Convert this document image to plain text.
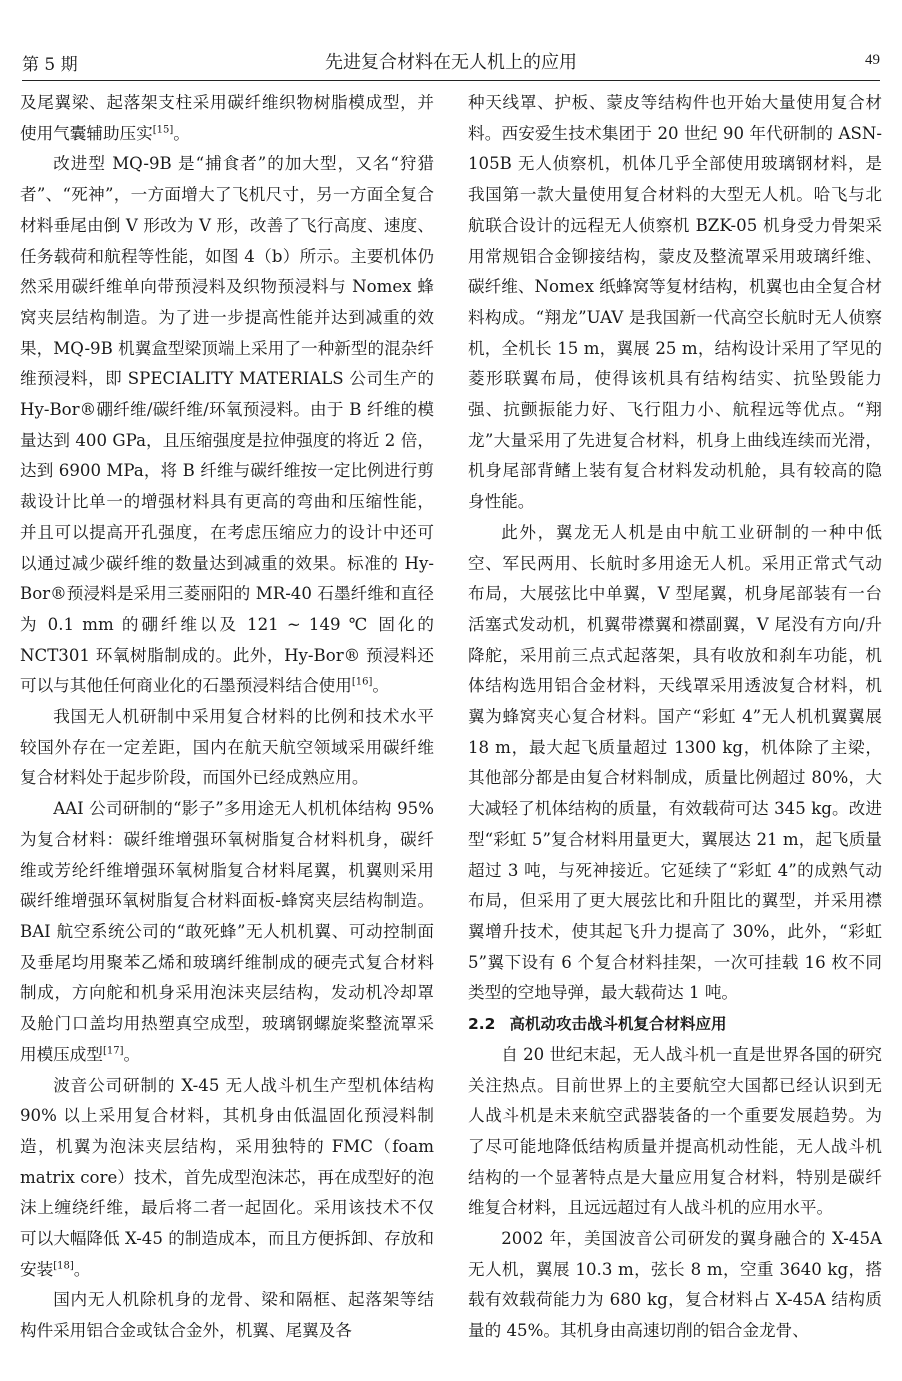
第 5 期	先进复合材料在无人机上的应用	49

及尾翼梁、起落架支柱采用碳纤维织物树脂模成型，并使用气囊辅助压实[15]。

改进型 MQ-9B 是“捕食者”的加大型，又名“狩猎者”、“死神”，一方面增大了飞机尺寸，另一方面全复合材料垂尾由倒 V 形改为 V 形，改善了飞行高度、速度、任务载荷和航程等性能，如图 4（b）所示。主要机体仍然采用碳纤维单向带预浸料及织物预浸料与 Nomex 蜂窝夹层结构制造。为了进一步提高性能并达到减重的效果，MQ-9B 机翼盒型梁顶端上采用了一种新型的混杂纤维预浸料，即 SPECIALITY MATERIALS 公司生产的 Hy-Bor®硼纤维/碳纤维/环氧预浸料。由于 B 纤维的模量达到 400 GPa，且压缩强度是拉伸强度的将近 2 倍，达到 6900 MPa，将 B 纤维与碳纤维按一定比例进行剪裁设计比单一的增强材料具有更高的弯曲和压缩性能，并且可以提高开孔强度，在考虑压缩应力的设计中还可以通过减少碳纤维的数量达到减重的效果。标准的 Hy-Bor®预浸料是采用三菱丽阳的 MR-40 石墨纤维和直径为 0.1 mm 的硼纤维以及 121 ~ 149 ℃ 固化的 NCT301 环氧树脂制成的。此外，Hy-Bor® 预浸料还可以与其他任何商业化的石墨预浸料结合使用[16]。

我国无人机研制中采用复合材料的比例和技术水平较国外存在一定差距，国内在航天航空领域采用碳纤维复合材料处于起步阶段，而国外已经成熟应用。

AAI 公司研制的“影子”多用途无人机机体结构 95% 为复合材料：碳纤维增强环氧树脂复合材料机身，碳纤维或芳纶纤维增强环氧树脂复合材料尾翼，机翼则采用碳纤维增强环氧树脂复合材料面板-蜂窝夹层结构制造。BAI 航空系统公司的“敢死蜂”无人机机翼、可动控制面及垂尾均用聚苯乙烯和玻璃纤维制成的硬壳式复合材料制成，方向舵和机身采用泡沫夹层结构，发动机冷却罩及舱门口盖均用热塑真空成型，玻璃钢螺旋桨整流罩采用模压成型[17]。

波音公司研制的 X-45 无人战斗机生产型机体结构 90% 以上采用复合材料，其机身由低温固化预浸料制造，机翼为泡沫夹层结构，采用独特的 FMC（foam matrix core）技术，首先成型泡沫芯，再在成型好的泡沫上缠绕纤维，最后将二者一起固化。采用该技术不仅可以大幅降低 X-45 的制造成本，而且方便拆卸、存放和安装[18]。

国内无人机除机身的龙骨、梁和隔框、起落架等结构件采用铝合金或钛合金外，机翼、尾翼及各

种天线罩、护板、蒙皮等结构件也开始大量使用复合材料。西安爱生技术集团于 20 世纪 90 年代研制的 ASN-105B 无人侦察机，机体几乎全部使用玻璃钢材料，是我国第一款大量使用复合材料的大型无人机。哈飞与北航联合设计的远程无人侦察机 BZK-05 机身受力骨架采用常规铝合金铆接结构，蒙皮及整流罩采用玻璃纤维、碳纤维、Nomex 纸蜂窝等复材结构，机翼也由全复合材料构成。“翔龙”UAV 是我国新一代高空长航时无人侦察机，全机长 15 m，翼展 25 m，结构设计采用了罕见的菱形联翼布局，使得该机具有结构结实、抗坠毁能力强、抗颤振能力好、飞行阻力小、航程远等优点。“翔龙”大量采用了先进复合材料，机身上曲线连续而光滑，机身尾部背鳍上装有复合材料发动机舱，具有较高的隐身性能。

此外，翼龙无人机是由中航工业研制的一种中低空、军民两用、长航时多用途无人机。采用正常式气动布局，大展弦比中单翼，V 型尾翼，机身尾部装有一台活塞式发动机，机翼带襟翼和襟副翼，V 尾没有方向/升降舵，采用前三点式起落架，具有收放和刹车功能，机体结构选用铝合金材料，天线罩采用透波复合材料，机翼为蜂窝夹心复合材料。国产“彩虹 4”无人机机翼翼展 18 m，最大起飞质量超过 1300 kg，机体除了主梁，其他部分都是由复合材料制成，质量比例超过 80%，大大减轻了机体结构的质量，有效载荷可达 345 kg。改进型“彩虹 5”复合材料用量更大，翼展达 21 m，起飞质量超过 3 吨，与死神接近。它延续了“彩虹 4”的成熟气动布局，但采用了更大展弦比和升阻比的翼型，并采用襟翼增升技术，使其起飞升力提高了 30%，此外，“彩虹 5”翼下设有 6 个复合材料挂架，一次可挂载 16 枚不同类型的空地导弹，最大载荷达 1 吨。

2.2 高机动攻击战斗机复合材料应用

自 20 世纪末起，无人战斗机一直是世界各国的研究关注热点。目前世界上的主要航空大国都已经认识到无人战斗机是未来航空武器装备的一个重要发展趋势。为了尽可能地降低结构质量并提高机动性能，无人战斗机结构的一个显著特点是大量应用复合材料，特别是碳纤维复合材料，且远远超过有人战斗机的应用水平。

2002 年，美国波音公司研发的翼身融合的 X-45A 无人机，翼展 10.3 m，弦长 8 m，空重 3640 kg，搭载有效载荷能力为 680 kg，复合材料占 X-45A 结构质量的 45%。其机身由高速切削的铝合金龙骨、
